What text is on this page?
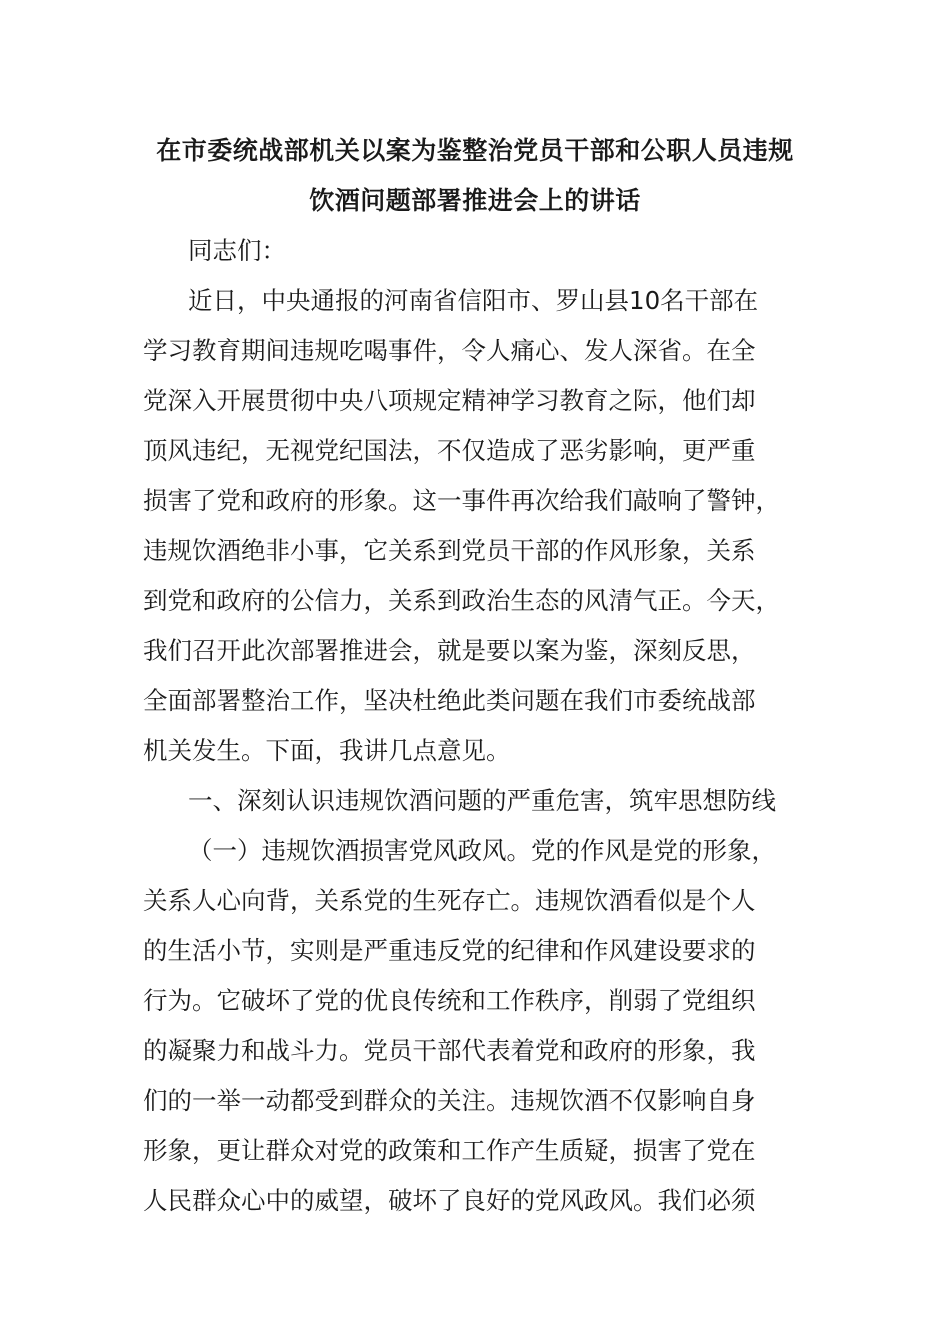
在市委统战部机关以案为鉴整治党员干部和公职人员违规
饮酒问题部署推进会上的讲话

同志们：

近日，中央通报的河南省信阳市、罗山县10名干部在

学习教育期间违规吃喝事件，令人痛心、发人深省。在全

党深入开展贯彻中央八项规定精神学习教育之际，他们却

顶风违纪，无视党纪国法，不仅造成了恶劣影响，更严重

损害了党和政府的形象。这一事件再次给我们敲响了警钟，

违规饮酒绝非小事，它关系到党员干部的作风形象，关系

到党和政府的公信力，关系到政治生态的风清气正。今天，

我们召开此次部署推进会，就是要以案为鉴，深刻反思，

全面部署整治工作，坚决杜绝此类问题在我们市委统战部

机关发生。下面，我讲几点意见。

一、深刻认识违规饮酒问题的严重危害，筑牢思想防线

（一）违规饮酒损害党风政风。党的作风是党的形象，

关系人心向背，关系党的生死存亡。违规饮酒看似是个人

的生活小节，实则是严重违反党的纪律和作风建设要求的

行为。它破坏了党的优良传统和工作秩序，削弱了党组织

的凝聚力和战斗力。党员干部代表着党和政府的形象，我

们的一举一动都受到群众的关注。违规饮酒不仅影响自身

形象，更让群众对党的政策和工作产生质疑，损害了党在

人民群众心中的威望，破坏了良好的党风政风。我们必须
